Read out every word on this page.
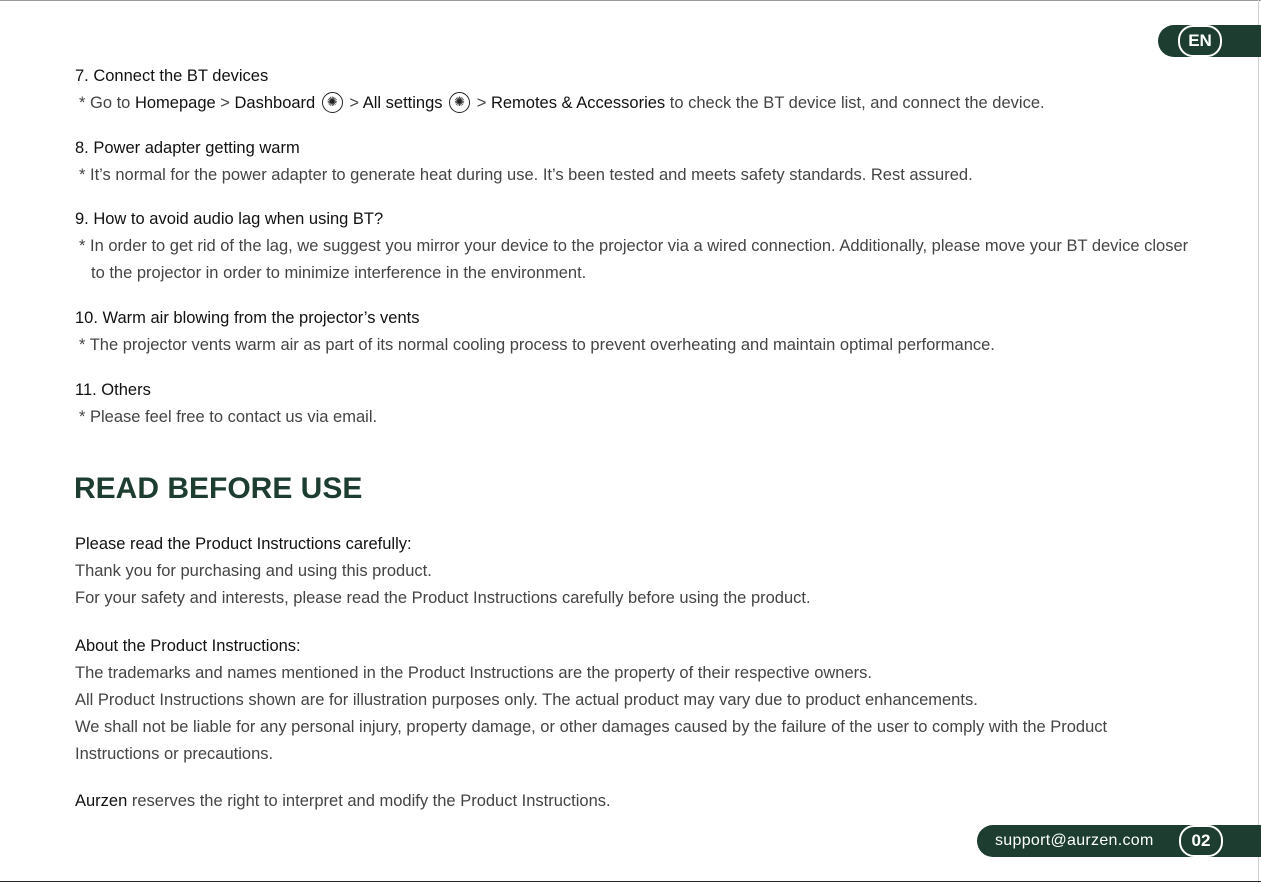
EN

7. Connect the BT devices

* Go to Homepage > Dashboard ✺ > All settings ✺ > Remotes & Accessories to check the BT device list, and connect the device.

8. Power adapter getting warm

* It’s normal for the power adapter to generate heat during use. It’s been tested and meets safety standards. Rest assured.

9. How to avoid audio lag when using BT?

* In order to get rid of the lag, we suggest you mirror your device to the projector via a wired connection. Additionally, please move your BT device closer to the projector in order to minimize interference in the environment.

10. Warm air blowing from the projector’s vents

* The projector vents warm air as part of its normal cooling process to prevent overheating and maintain optimal performance.

11. Others

* Please feel free to contact us via email.

READ BEFORE USE

Please read the Product Instructions carefully:

Thank you for purchasing and using this product.

For your safety and interests, please read the Product Instructions carefully before using the product.

About the Product Instructions:

The trademarks and names mentioned in the Product Instructions are the property of their respective owners.

All Product Instructions shown are for illustration purposes only. The actual product may vary due to product enhancements.

We shall not be liable for any personal injury, property damage, or other damages caused by the failure of the user to comply with the Product Instructions or precautions.

Aurzen reserves the right to interpret and modify the Product Instructions.

support@aurzen.com	02
